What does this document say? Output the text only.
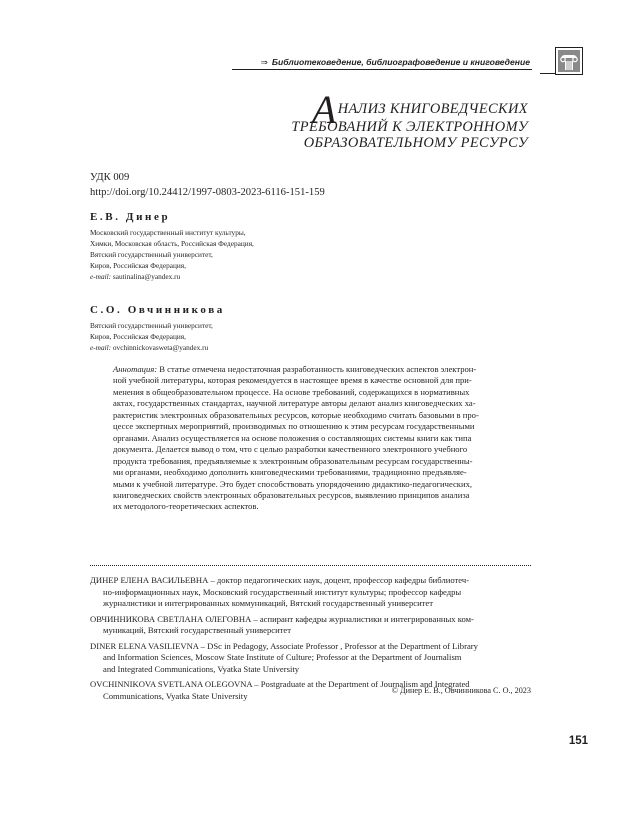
⇒ Библиотековедение, библиографоведение и книговедение
АНАЛИЗ КНИГОВЕДЧЕСКИХ
ТРЕБОВАНИЙ К ЭЛЕКТРОННОМУ
ОБРАЗОВАТЕЛЬНОМУ РЕСУРСУ
УДК 009
http://doi.org/10.24412/1997-0803-2023-6116-151-159
Е.В. Динер
Московский государственный институт культуры,
Химки, Московская область, Российская Федерация,
Вятский государственный университет,
Киров, Российская Федерация,
e-mail: sautinalina@yandex.ru
С.О. Овчинникова
Вятский государственный университет,
Киров, Российская Федерация,
e-mail: ovchinnickovasweta@yandex.ru
Аннотация: В статье отмечена недостаточная разработанность книговедческих аспектов электрон-
ной учебной литературы, которая рекомендуется в настоящее время в качестве основной для при-
менения в общеобразовательном процессе. На основе требований, содержащихся в нормативных
актах, государственных стандартах, научной литературе авторы делают анализ книговедческих ха-
рактеристик электронных образовательных ресурсов, которые необходимо считать базовыми в про-
цессе экспертных мероприятий, производимых по отношению к этим ресурсам государственными
органами. Анализ осуществляется на основе положения о составляющих системы книги как типа
документа. Делается вывод о том, что с целью разработки качественного электронного учебного
продукта требования, предъявляемые к электронным образовательным ресурсам государственны-
ми органами, необходимо дополнить книговедческими требованиями, традиционно предъявляе-
мыми к учебной литературе. Это будет способствовать упорядочению дидактико-педагогических,
книговедческих свойств электронных образовательных ресурсов, выявлению принципов анализа
их методолого-теоретических аспектов.

ДИНЕР ЕЛЕНА ВАСИЛЬЕВНА – доктор педагогических наук, доцент, профессор кафедры библиотеч-
но-информационных наук, Московский государственный институт культуры; профессор кафедры
журналистики и интегрированных коммуникаций, Вятский государственный университет

ОВЧИННИКОВА СВЕТЛАНА ОЛЕГОВНА – аспирант кафедры журналистики и интегрированных ком-
муникаций, Вятский государственный университет

DINER ELENA VASILIEVNA – DSc in Pedagogy, Associate Professor , Professor at the Department of Library
and Information Sciences, Moscow State Institute of Culture; Professor at the Department of Journalism
and Integrated Communications, Vyatka State University

OVCHINNIKOVA SVETLANA OLEGOVNA – Postgraduate at the Department of Journalism and Integrated
Communications, Vyatka State University

© Динер Е. В., Овчинникова С. О., 2023
151
